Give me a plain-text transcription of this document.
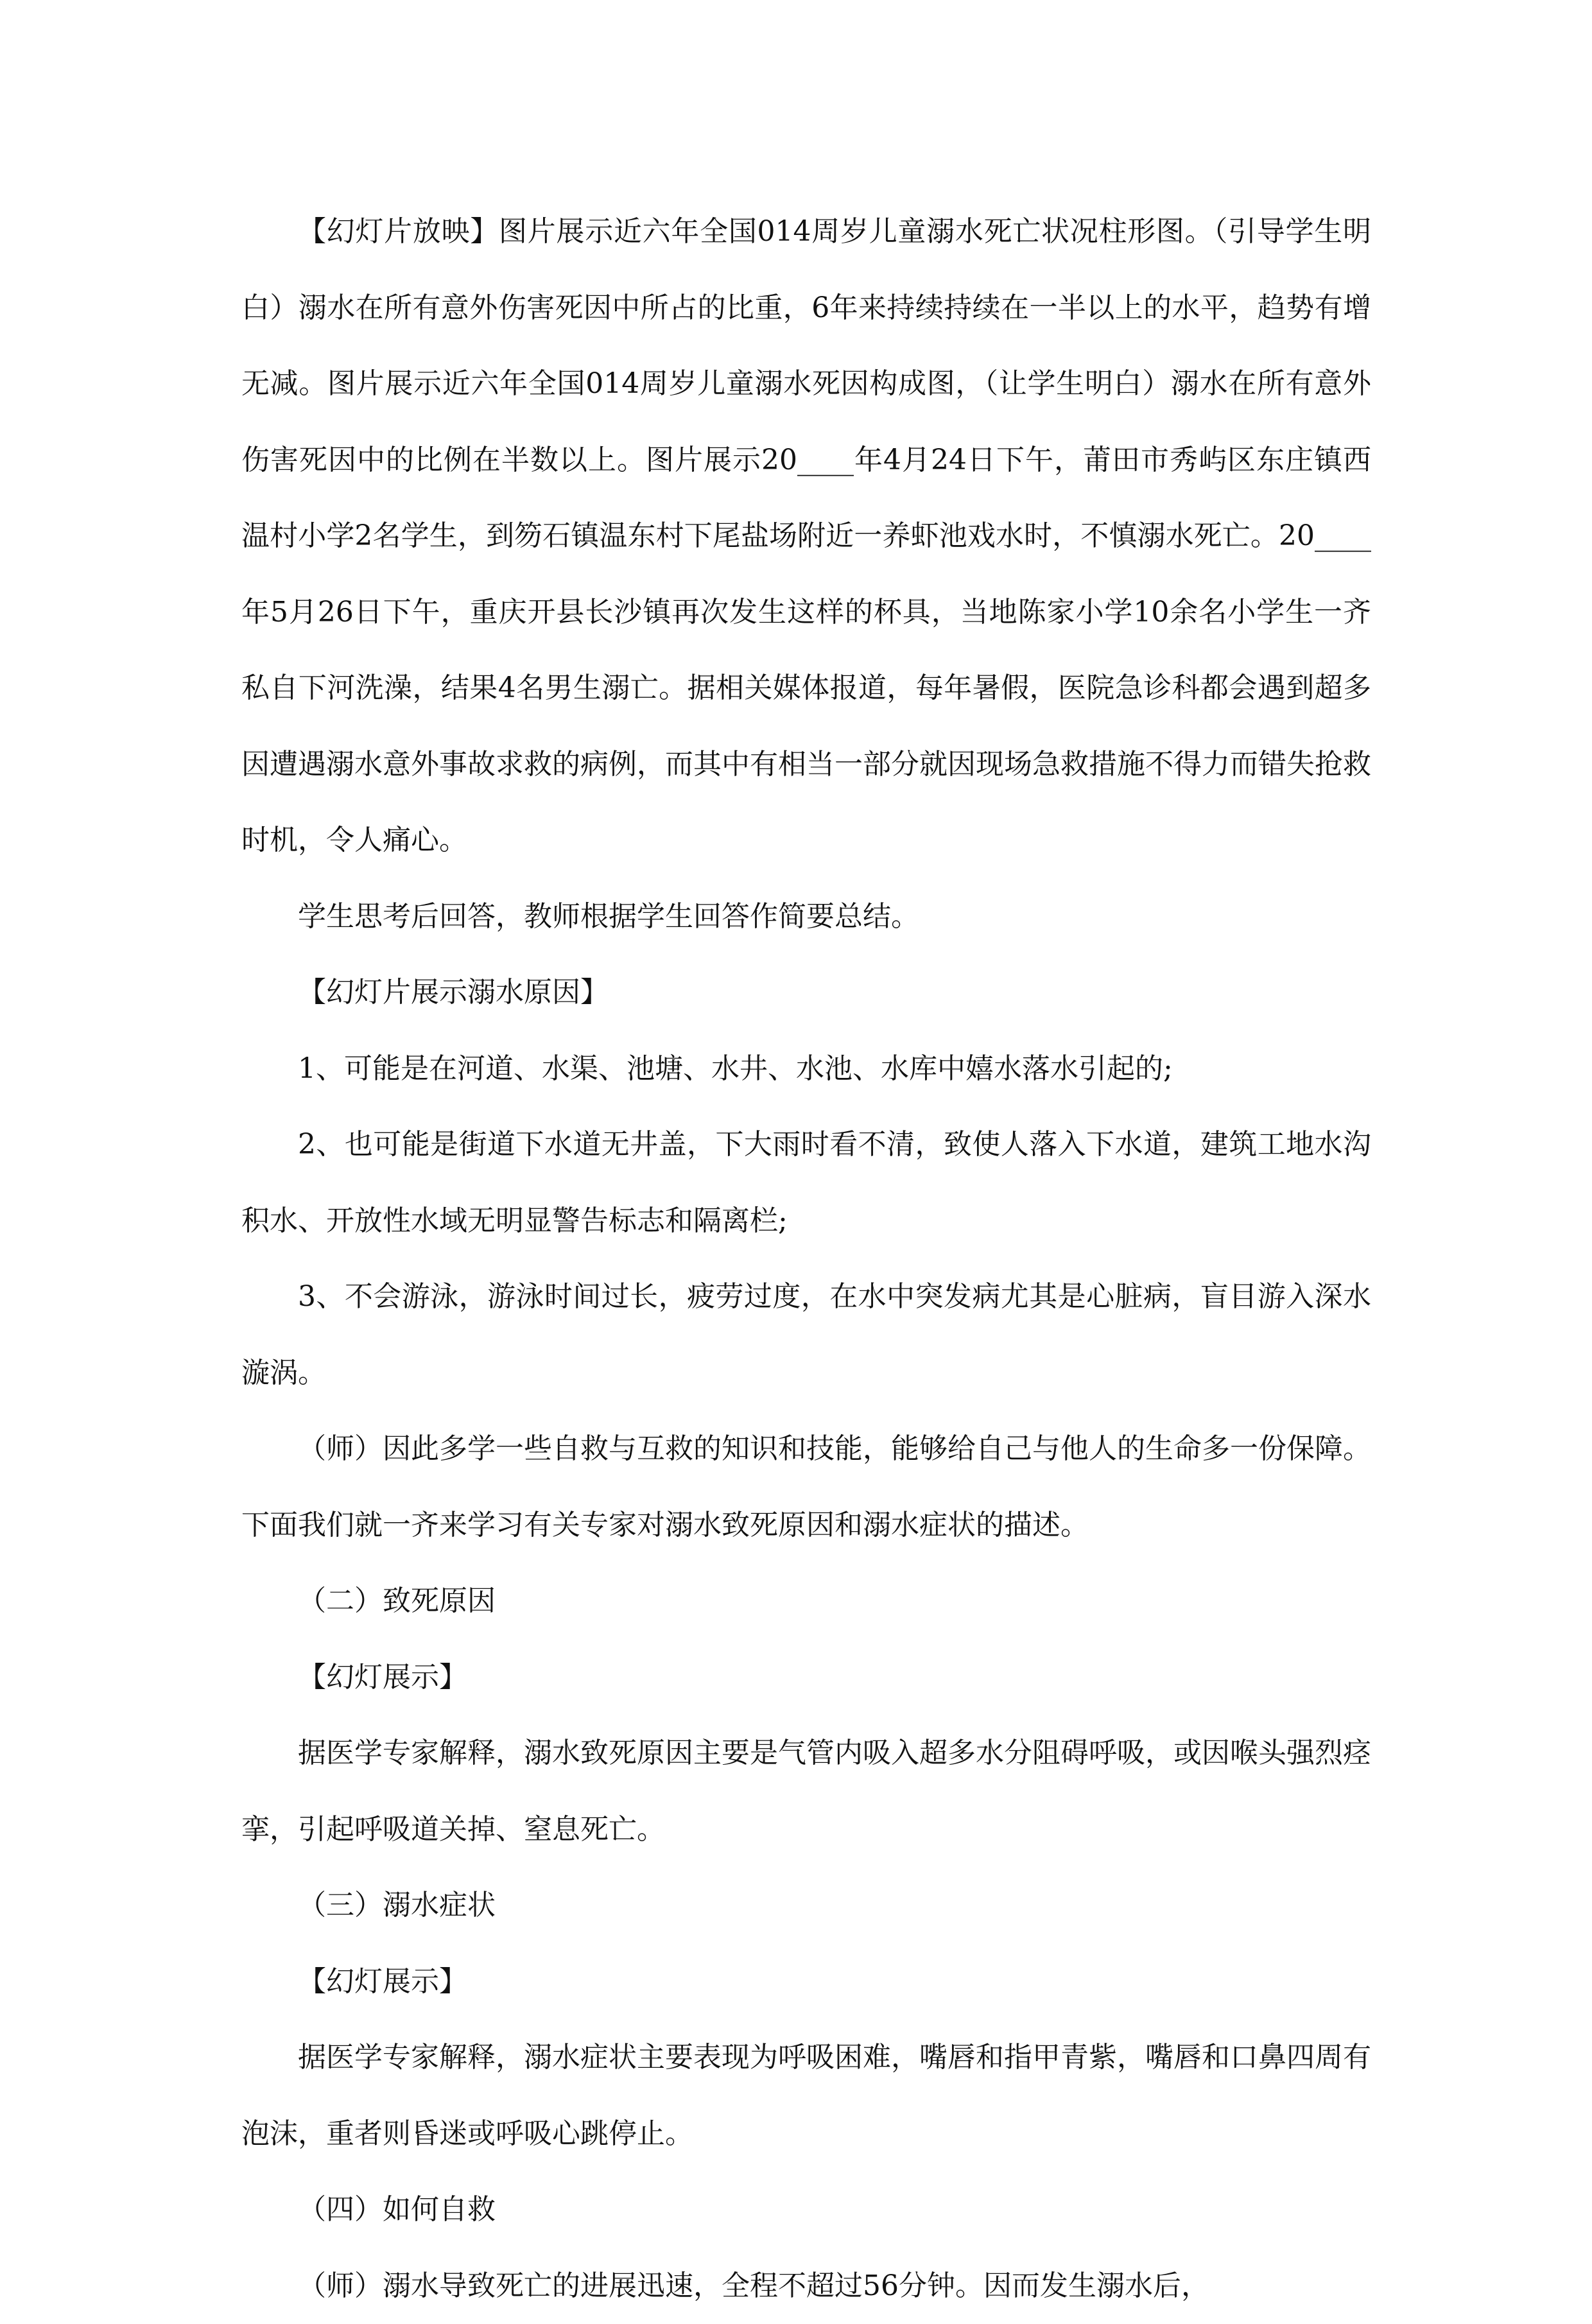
【幻灯片放映】图片展示近六年全国014周岁儿童溺水死亡状况柱形图。（引导学生明白）溺水在所有意外伤害死因中所占的比重，6年来持续持续在一半以上的水平，趋势有增无减。图片展示近六年全国014周岁儿童溺水死因构成图，（让学生明白）溺水在所有意外伤害死因中的比例在半数以上。图片展示20____年4月24日下午，莆田市秀屿区东庄镇西温村小学2名学生，到笏石镇温东村下尾盐场附近一养虾池戏水时，不慎溺水死亡。20____年5月26日下午，重庆开县长沙镇再次发生这样的杯具，当地陈家小学10余名小学生一齐私自下河洗澡，结果4名男生溺亡。据相关媒体报道，每年暑假，医院急诊科都会遇到超多因遭遇溺水意外事故求救的病例，而其中有相当一部分就因现场急救措施不得力而错失抢救时机，令人痛心。

学生思考后回答，教师根据学生回答作简要总结。

【幻灯片展示溺水原因】

1、可能是在河道、水渠、池塘、水井、水池、水库中嬉水落水引起的;

2、也可能是街道下水道无井盖，下大雨时看不清，致使人落入下水道，建筑工地水沟积水、开放性水域无明显警告标志和隔离栏;

3、不会游泳，游泳时间过长，疲劳过度，在水中突发病尤其是心脏病，盲目游入深水漩涡。

（师）因此多学一些自救与互救的知识和技能，能够给自己与他人的生命多一份保障。下面我们就一齐来学习有关专家对溺水致死原因和溺水症状的描述。

（二）致死原因

【幻灯展示】

据医学专家解释，溺水致死原因主要是气管内吸入超多水分阻碍呼吸，或因喉头强烈痉挛，引起呼吸道关掉、窒息死亡。

（三）溺水症状

【幻灯展示】

据医学专家解释，溺水症状主要表现为呼吸困难，嘴唇和指甲青紫，嘴唇和口鼻四周有泡沫，重者则昏迷或呼吸心跳停止。

（四）如何自救

（师）溺水导致死亡的进展迅速，全程不超过56分钟。因而发生溺水后，
